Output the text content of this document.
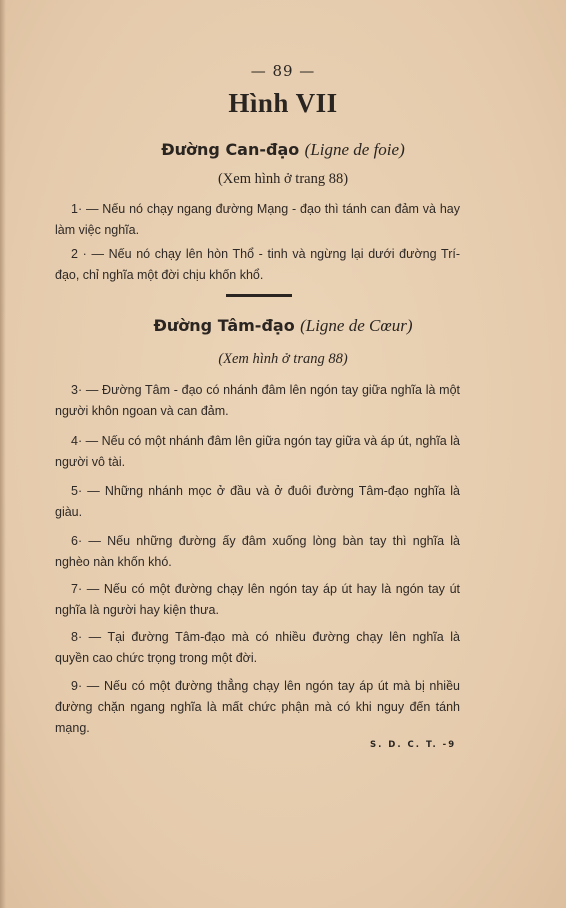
— 89 —
Hình VII
Đường Can-đạo (Ligne de foie)
(Xem hình ở trang 88)
1· — Nếu nó chạy ngang đường Mạng - đạo thì tánh can đảm và hay làm việc nghĩa.
2 · — Nếu nó chạy lên hòn Thổ - tinh và ngừng lại dưới đường Trí-đạo, chỉ nghĩa một đời chịu khốn khổ.
Đường Tâm-đạo (Ligne de Cœur)
(Xem hình ở trang 88)
3· — Đường Tâm - đạo có nhánh đâm lên ngón tay giữa nghĩa là một người khôn ngoan và can đảm.
4· — Nếu có một nhánh đâm lên giữa ngón tay giữa và áp út, nghĩa là người vô tài.
5· — Những nhánh mọc ở đầu và ở đuôi đường Tâm-đạo nghĩa là giàu.
6· — Nếu những đường ấy đâm xuống lòng bàn tay thì nghĩa là nghèo nàn khốn khó.
7· — Nếu có một đường chạy lên ngón tay áp út hay là ngón tay út nghĩa là người hay kiện thưa.
8· — Tại đường Tâm-đạo mà có nhiều đường chạy lên nghĩa là quyền cao chức trọng trong một đời.
9· — Nếu có một đường thẳng chạy lên ngón tay áp út mà bị nhiều đường chặn ngang nghĩa là mất chức phận mà có khi nguy đến tánh mạng.
S. D. C. T. -9
